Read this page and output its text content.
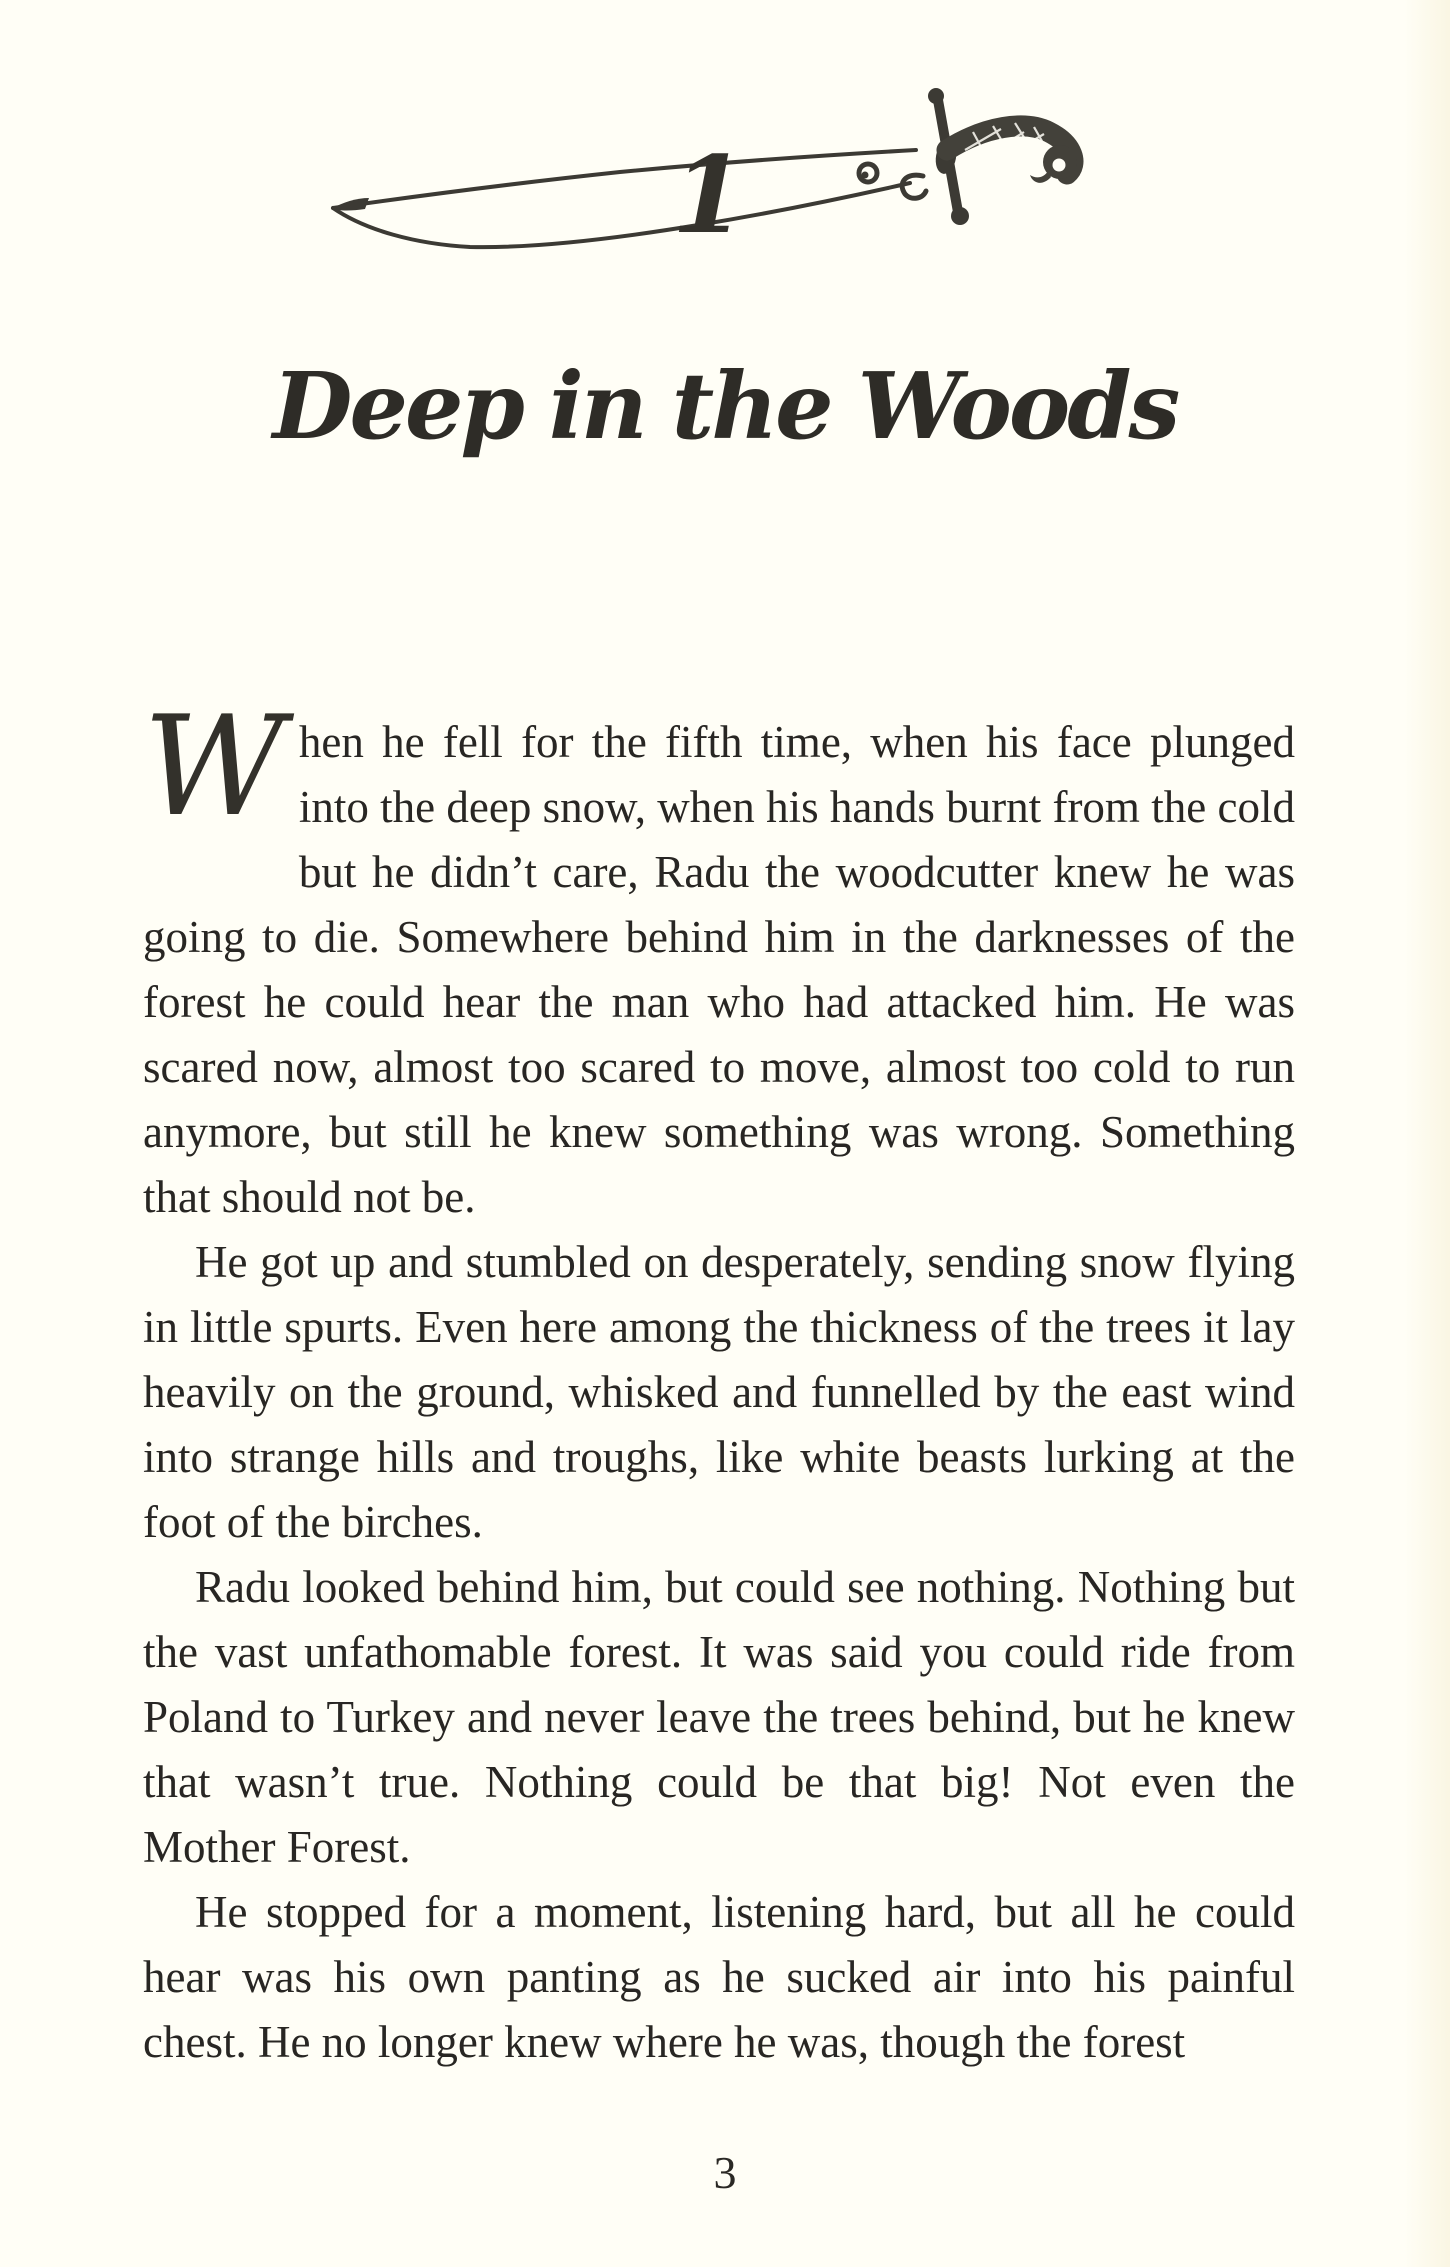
1
Deep in the Woods

When he fell for the fifth time, when his face plunged into the deep snow, when his hands burnt from the cold but he didn’t care, Radu the woodcutter knew he was going to die. Somewhere behind him in the darknesses of the forest he could hear the man who had attacked him. He was scared now, almost too scared to move, almost too cold to run anymore, but still he knew something was wrong. Something that should not be.

He got up and stumbled on desperately, sending snow flying in little spurts. Even here among the thickness of the trees it lay heavily on the ground, whisked and funnelled by the east wind into strange hills and troughs, like white beasts lurking at the foot of the birches.

Radu looked behind him, but could see nothing. Nothing but the vast unfathomable forest. It was said you could ride from Poland to Turkey and never leave the trees behind, but he knew that wasn’t true. Nothing could be that big! Not even the Mother Forest.

He stopped for a moment, listening hard, but all he could hear was his own panting as he sucked air into his painful chest. He no longer knew where he was, though the forest

3
